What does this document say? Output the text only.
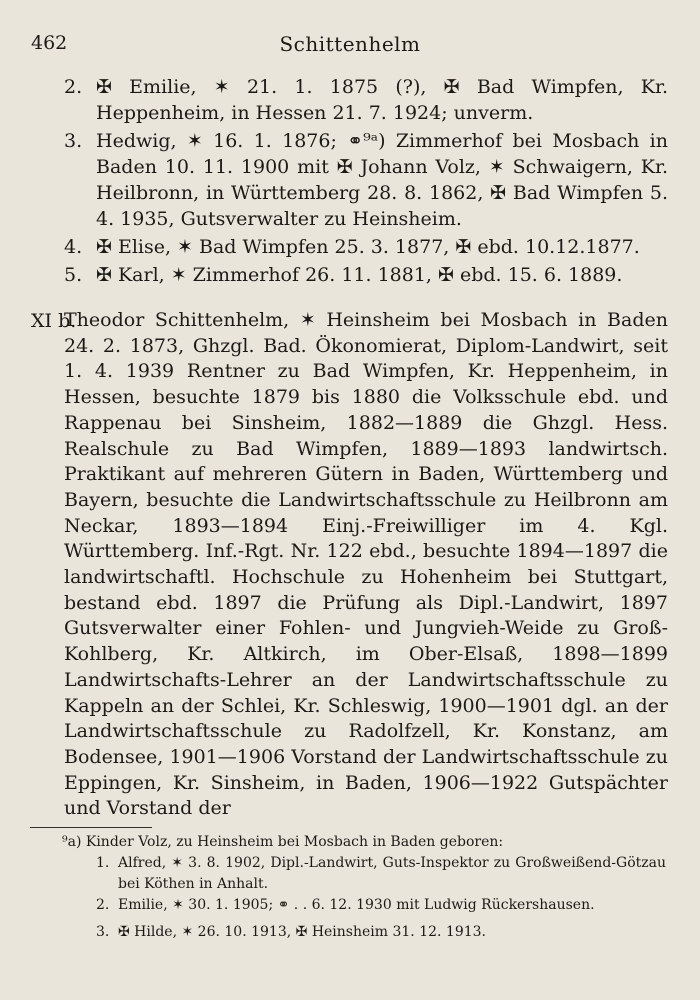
462	Schittenhelm
2. ✠ Emilie, ✶ 21. 1. 1875 (?), ✠ Bad Wimpfen, Kr. Heppenheim, in Hessen 21. 7. 1924; unverm.
3. Hedwig, ✶ 16. 1. 1876; ⚭⁹ᵃ) Zimmerhof bei Mosbach in Baden 10. 11. 1900 mit ✠ Johann Volz, ✶ Schwaigern, Kr. Heilbronn, in Württemberg 28. 8. 1862, ✠ Bad Wimpfen 5. 4. 1935, Gutsverwalter zu Heinsheim.
4. ✠ Elise, ✶ Bad Wimpfen 25. 3. 1877, ✠ ebd. 10.12.1877.
5. ✠ Karl, ✶ Zimmerhof 26. 11. 1881, ✠ ebd. 15. 6. 1889.
XI b.
Theodor Schittenhelm, ✶ Heinsheim bei Mosbach in Baden 24. 2. 1873, Ghzgl. Bad. Ökonomierat, Diplom-Landwirt, seit 1. 4. 1939 Rentner zu Bad Wimpfen, Kr. Heppenheim, in Hessen, besuchte 1879 bis 1880 die Volksschule ebd. und Rappenau bei Sinsheim, 1882—1889 die Ghzgl. Hess. Realschule zu Bad Wimpfen, 1889—1893 landwirtsch. Praktikant auf mehreren Gütern in Baden, Württemberg und Bayern, besuchte die Landwirtschaftsschule zu Heilbronn am Neckar, 1893—1894 Einj.-Freiwilliger im 4. Kgl. Württemberg. Inf.-Rgt. Nr. 122 ebd., besuchte 1894—1897 die landwirtschaftl. Hochschule zu Hohenheim bei Stuttgart, bestand ebd. 1897 die Prüfung als Dipl.-Landwirt, 1897 Gutsverwalter einer Fohlen- und Jungvieh-Weide zu Groß-Kohlberg, Kr. Altkirch, im Ober-Elsaß, 1898—1899 Landwirtschafts-Lehrer an der Landwirtschaftsschule zu Kappeln an der Schlei, Kr. Schleswig, 1900—1901 dgl. an der Landwirtschaftsschule zu Radolfzell, Kr. Konstanz, am Bodensee, 1901—1906 Vorstand der Landwirtschaftsschule zu Eppingen, Kr. Sinsheim, in Baden, 1906—1922 Gutspächter und Vorstand der
⁹a) Kinder Volz, zu Heinsheim bei Mosbach in Baden geboren:
1. Alfred, ✶ 3. 8. 1902, Dipl.-Landwirt, Guts-Inspektor zu Großweißend-Götzau bei Köthen in Anhalt.
2. Emilie, ✶ 30. 1. 1905; ⚭ . . 6. 12. 1930 mit Ludwig Rückershausen.
3. ✠ Hilde, ✶ 26. 10. 1913, ✠ Heinsheim 31. 12. 1913.
